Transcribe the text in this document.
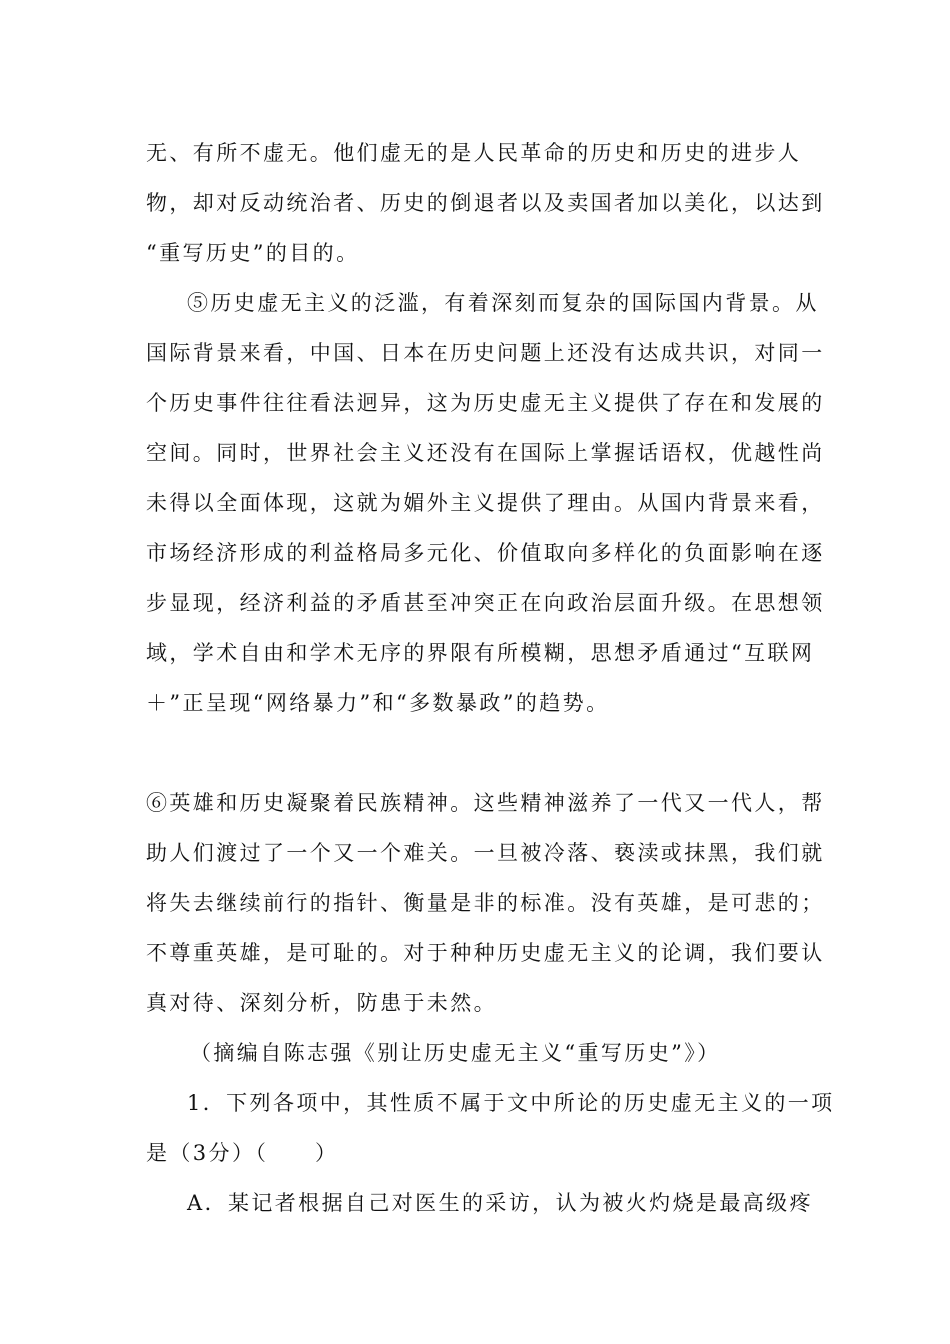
无、有所不虚无。他们虚无的是人民革命的历史和历史的进步人
物，却对反动统治者、历史的倒退者以及卖国者加以美化，以达到
“重写历史”的目的。
⑤历史虚无主义的泛滥，有着深刻而复杂的国际国内背景。从
国际背景来看，中国、日本在历史问题上还没有达成共识，对同一
个历史事件往往看法迥异，这为历史虚无主义提供了存在和发展的
空间。同时，世界社会主义还没有在国际上掌握话语权，优越性尚
未得以全面体现，这就为媚外主义提供了理由。从国内背景来看，
市场经济形成的利益格局多元化、价值取向多样化的负面影响在逐
步显现，经济利益的矛盾甚至冲突正在向政治层面升级。在思想领
域，学术自由和学术无序的界限有所模糊，思想矛盾通过“互联网
＋”正呈现“网络暴力”和“多数暴政”的趋势。
⑥英雄和历史凝聚着民族精神。这些精神滋养了一代又一代人，帮
助人们渡过了一个又一个难关。一旦被冷落、亵渎或抹黑，我们就
将失去继续前行的指针、衡量是非的标准。没有英雄，是可悲的；
不尊重英雄，是可耻的。对于种种历史虚无主义的论调，我们要认
真对待、深刻分析，防患于未然。
（摘编自陈志强《别让历史虚无主义“重写历史”》）
1．下列各项中，其性质不属于文中所论的历史虚无主义的一项
是（3分）（　　）
A．某记者根据自己对医生的采访，认为被火灼烧是最高级疼
